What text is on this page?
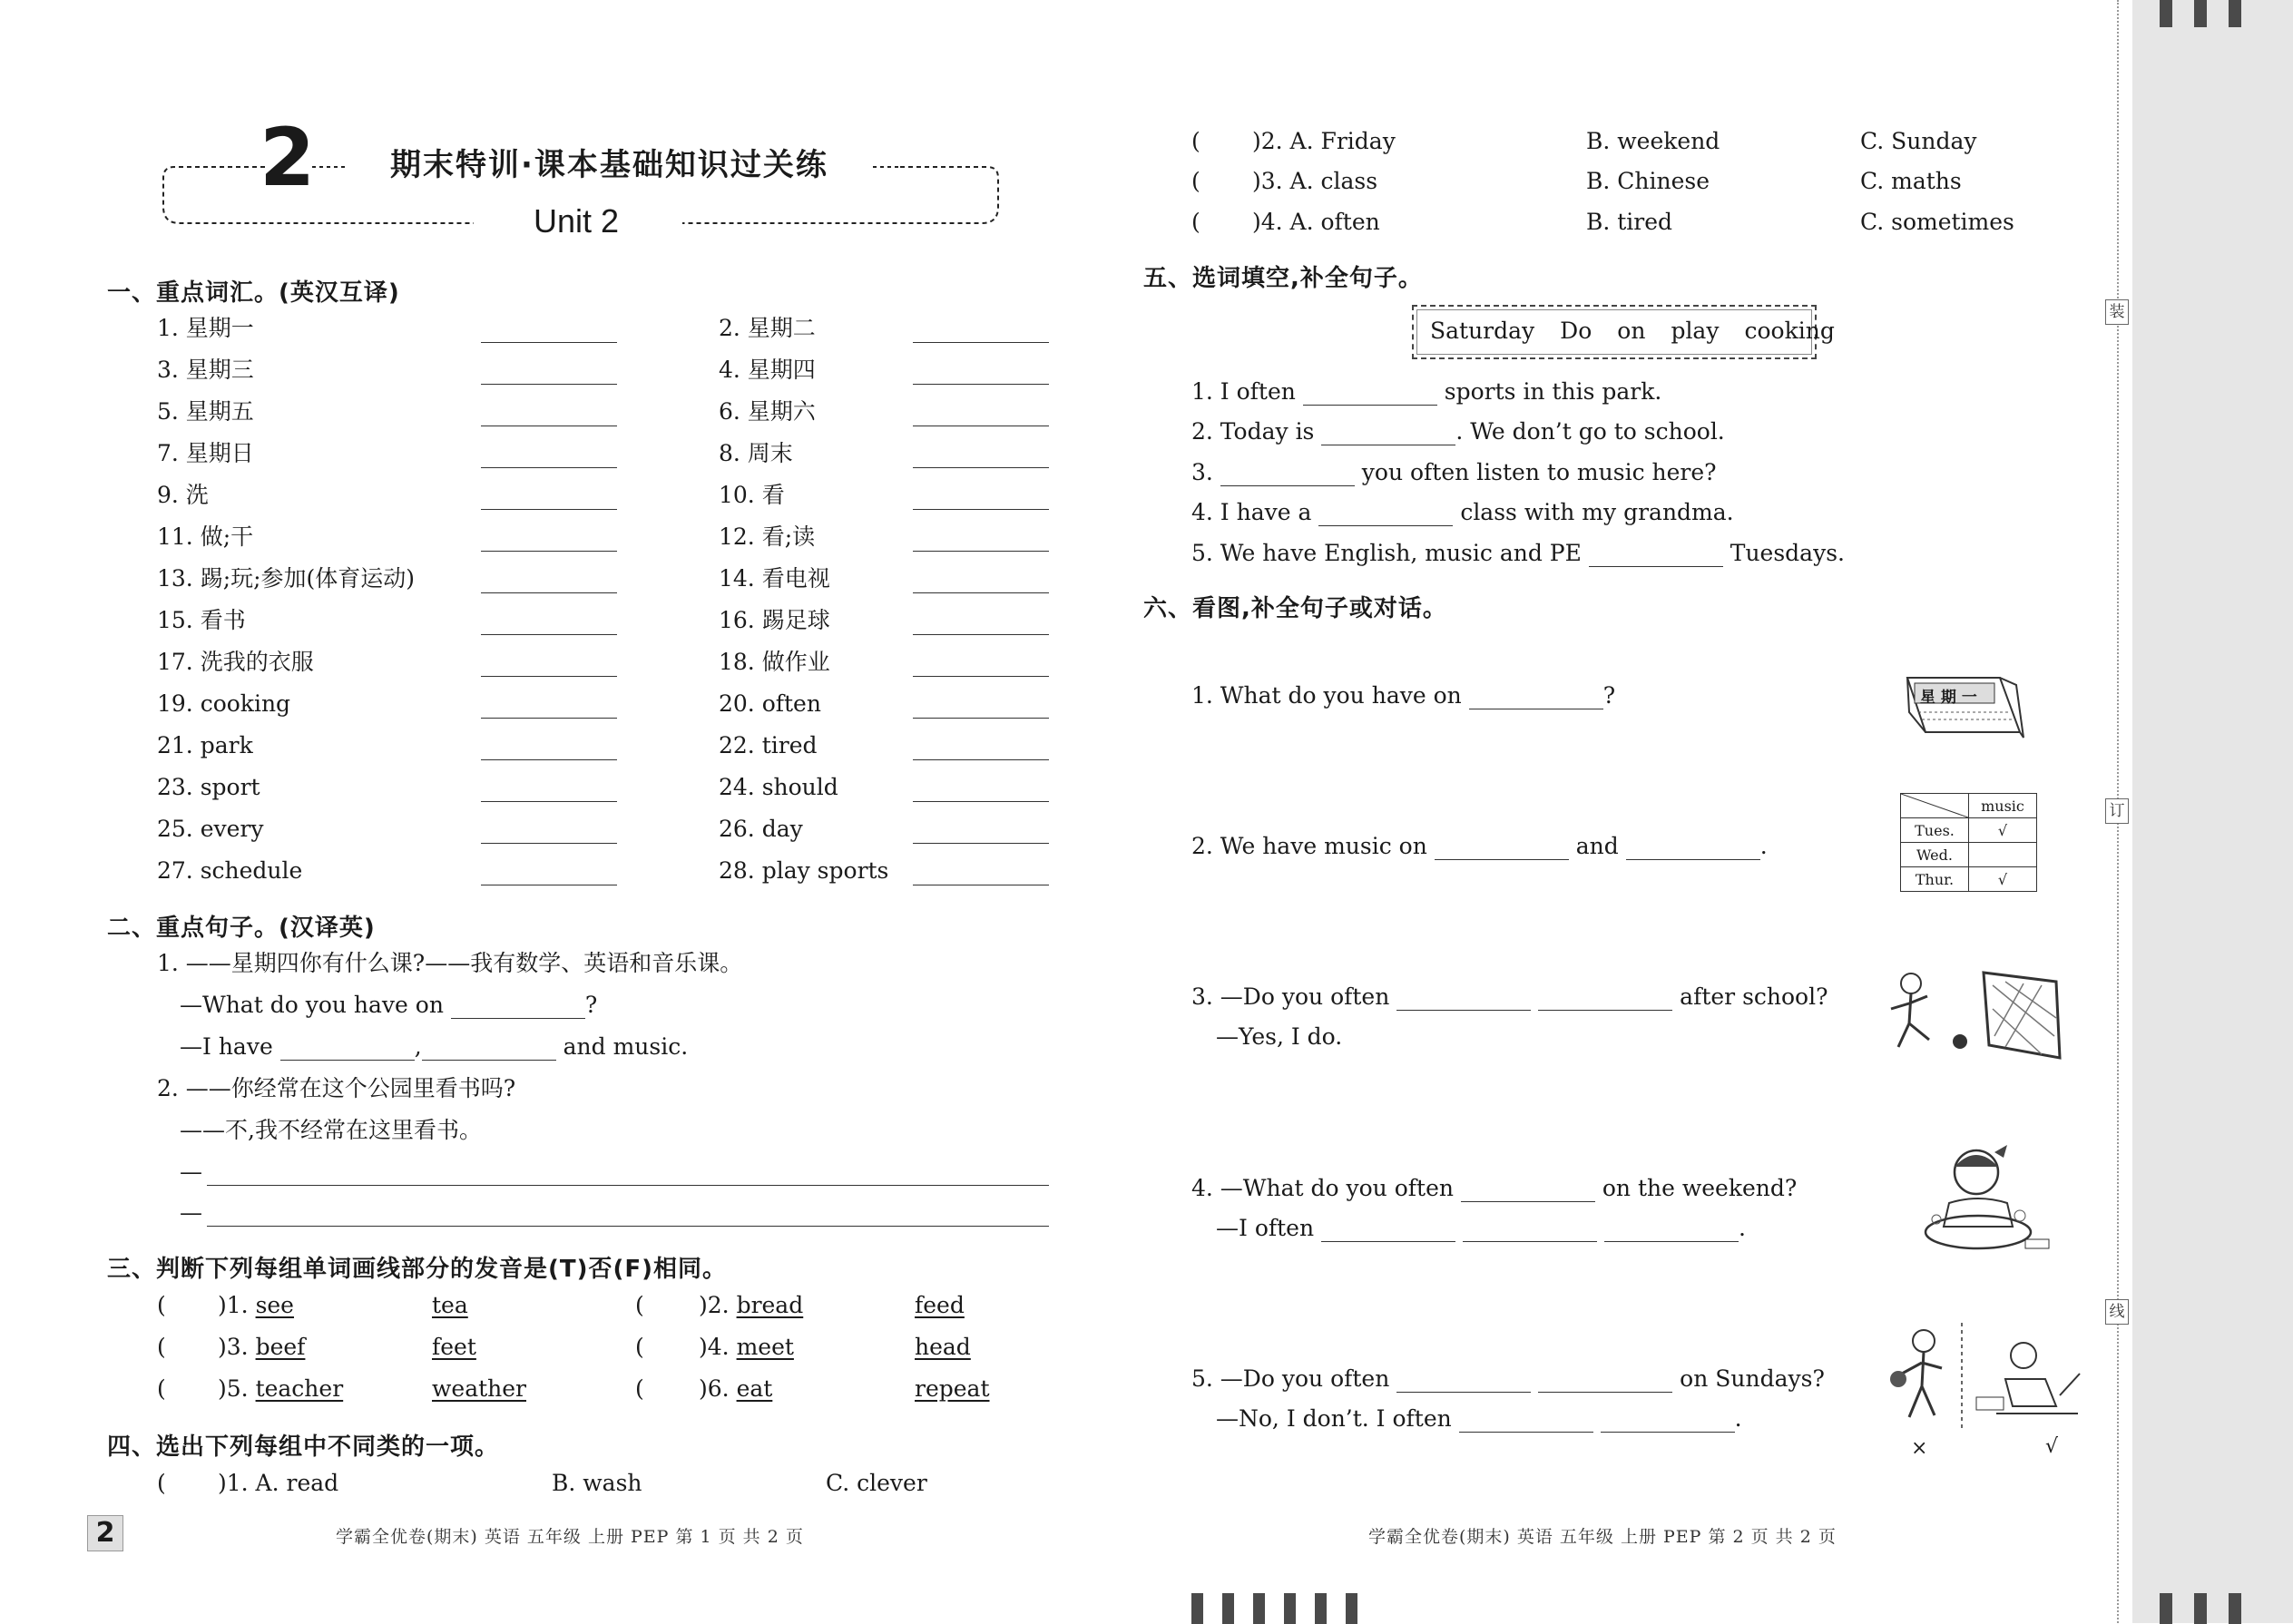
装
订
线
2 期末特训·课本基础知识过关练
Unit 2
一、重点词汇。(英汉互译)
1. 星期一	2. 星期二
3. 星期三	4. 星期四
5. 星期五	6. 星期六
7. 星期日	8. 周末
9. 洗	10. 看
11. 做;干	12. 看;读
13. 踢;玩;参加(体育运动)	14. 看电视
15. 看书	16. 踢足球
17. 洗我的衣服	18. 做作业
19. cooking	20. often
21. park	22. tired
23. sport	24. should
25. every	26. day
27. schedule	28. play sports
二、重点句子。(汉译英)
1. ——星期四你有什么课?——我有数学、英语和音乐课。
—What do you have on	?
—I have	,	and music.
2. ——你经常在这个公园里看书吗?
——不,我不经常在这里看书。
—
—
三、判断下列每组单词画线部分的发音是(T)否(F)相同。
( )1. see	tea	( )2. bread	feed
( )3. beef	feet	( )4. meet	head
( )5. teacher	weather	( )6. eat	repeat
四、选出下列每组中不同类的一项。
( )1. A. read	B. wash	C. clever
( )2. A. Friday	B. weekend	C. Sunday
( )3. A. class	B. Chinese	C. maths
( )4. A. often	B. tired	C. sometimes
2	学霸全优卷(期末) 英语 五年级 上册 PEP 第 1 页 共 2 页	学霸全优卷(期末) 英语 五年级 上册 PEP 第 2 页 共 2 页
五、选词填空,补全句子。
Saturday Do on play cooking
1. I often	sports in this park.
2. Today is	. We don’t go to school.
3.	you often listen to music here?
4. I have a	class with my grandma.
5. We have English, music and PE	Tuesdays.
六、看图,补全句子或对话。
1. What do you have on	?	星 期 一
2. We have music on	and	.
	music
Tues.	√
Wed.	
Thur.	√
3. —Do you often	after school?
—Yes, I do.
4. —What do you often	on the weekend?
—I often	.
5. —Do you often	on Sundays?
—No, I don’t. I often	.
×	√
